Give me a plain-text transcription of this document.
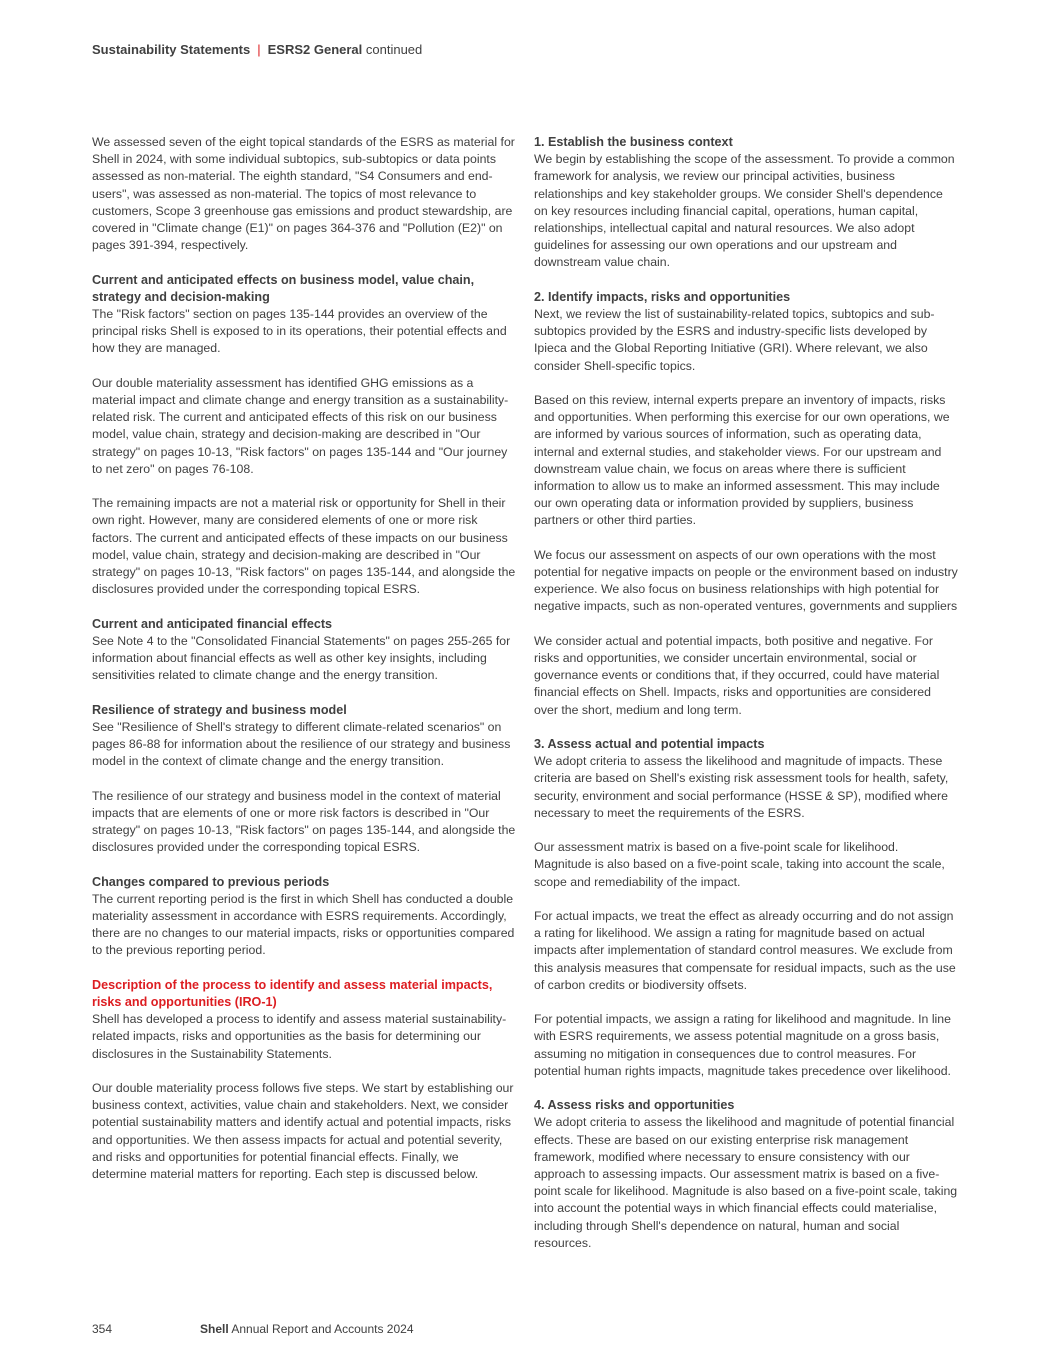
Sustainability Statements | ESRS2 General continued

We assessed seven of the eight topical standards of the ESRS as material for Shell in 2024, with some individual subtopics, sub-subtopics or data points assessed as non-material. The eighth standard, "S4 Consumers and end-users", was assessed as non-material. The topics of most relevance to customers, Scope 3 greenhouse gas emissions and product stewardship, are covered in "Climate change (E1)" on pages 364-376 and "Pollution (E2)" on pages 391-394, respectively.

Current and anticipated effects on business model, value chain, strategy and decision-making

The "Risk factors" section on pages 135-144 provides an overview of the principal risks Shell is exposed to in its operations, their potential effects and how they are managed.

Our double materiality assessment has identified GHG emissions as a material impact and climate change and energy transition as a sustainability-related risk. The current and anticipated effects of this risk on our business model, value chain, strategy and decision-making are described in "Our strategy" on pages 10-13, "Risk factors" on pages 135-144 and "Our journey to net zero" on pages 76-108.

The remaining impacts are not a material risk or opportunity for Shell in their own right. However, many are considered elements of one or more risk factors. The current and anticipated effects of these impacts on our business model, value chain, strategy and decision-making are described in "Our strategy" on pages 10-13, "Risk factors" on pages 135-144, and alongside the disclosures provided under the corresponding topical ESRS.

Current and anticipated financial effects

See Note 4 to the "Consolidated Financial Statements" on pages 255-265 for information about financial effects as well as other key insights, including sensitivities related to climate change and the energy transition.

Resilience of strategy and business model

See "Resilience of Shell's strategy to different climate-related scenarios" on pages 86-88 for information about the resilience of our strategy and business model in the context of climate change and the energy transition.

The resilience of our strategy and business model in the context of material impacts that are elements of one or more risk factors is described in "Our strategy" on pages 10-13, "Risk factors" on pages 135-144, and alongside the disclosures provided under the corresponding topical ESRS.

Changes compared to previous periods

The current reporting period is the first in which Shell has conducted a double materiality assessment in accordance with ESRS requirements. Accordingly, there are no changes to our material impacts, risks or opportunities compared to the previous reporting period.

Description of the process to identify and assess material impacts, risks and opportunities (IRO-1)

Shell has developed a process to identify and assess material sustainability-related impacts, risks and opportunities as the basis for determining our disclosures in the Sustainability Statements.

Our double materiality process follows five steps. We start by establishing our business context, activities, value chain and stakeholders. Next, we consider potential sustainability matters and identify actual and potential impacts, risks and opportunities. We then assess impacts for actual and potential severity, and risks and opportunities for potential financial effects. Finally, we determine material matters for reporting. Each step is discussed below.

1. Establish the business context

We begin by establishing the scope of the assessment. To provide a common framework for analysis, we review our principal activities, business relationships and key stakeholder groups. We consider Shell's dependence on key resources including financial capital, operations, human capital, relationships, intellectual capital and natural resources. We also adopt guidelines for assessing our own operations and our upstream and downstream value chain.

2. Identify impacts, risks and opportunities

Next, we review the list of sustainability-related topics, subtopics and sub-subtopics provided by the ESRS and industry-specific lists developed by Ipieca and the Global Reporting Initiative (GRI). Where relevant, we also consider Shell-specific topics.

Based on this review, internal experts prepare an inventory of impacts, risks and opportunities. When performing this exercise for our own operations, we are informed by various sources of information, such as operating data, internal and external studies, and stakeholder views. For our upstream and downstream value chain, we focus on areas where there is sufficient information to allow us to make an informed assessment. This may include our own operating data or information provided by suppliers, business partners or other third parties.

We focus our assessment on aspects of our own operations with the most potential for negative impacts on people or the environment based on industry experience. We also focus on business relationships with high potential for negative impacts, such as non-operated ventures, governments and suppliers

We consider actual and potential impacts, both positive and negative. For risks and opportunities, we consider uncertain environmental, social or governance events or conditions that, if they occurred, could have material financial effects on Shell. Impacts, risks and opportunities are considered over the short, medium and long term.

3. Assess actual and potential impacts

We adopt criteria to assess the likelihood and magnitude of impacts. These criteria are based on Shell's existing risk assessment tools for health, safety, security, environment and social performance (HSSE & SP), modified where necessary to meet the requirements of the ESRS.

Our assessment matrix is based on a five-point scale for likelihood. Magnitude is also based on a five-point scale, taking into account the scale, scope and remediability of the impact.

For actual impacts, we treat the effect as already occurring and do not assign a rating for likelihood. We assign a rating for magnitude based on actual impacts after implementation of standard control measures. We exclude from this analysis measures that compensate for residual impacts, such as the use of carbon credits or biodiversity offsets.

For potential impacts, we assign a rating for likelihood and magnitude. In line with ESRS requirements, we assess potential magnitude on a gross basis, assuming no mitigation in consequences due to control measures. For potential human rights impacts, magnitude takes precedence over likelihood.

4. Assess risks and opportunities

We adopt criteria to assess the likelihood and magnitude of potential financial effects. These are based on our existing enterprise risk management framework, modified where necessary to ensure consistency with our approach to assessing impacts. Our assessment matrix is based on a five-point scale for likelihood. Magnitude is also based on a five-point scale, taking into account the potential ways in which financial effects could materialise, including through Shell's dependence on natural, human and social resources.

354	Shell Annual Report and Accounts 2024
